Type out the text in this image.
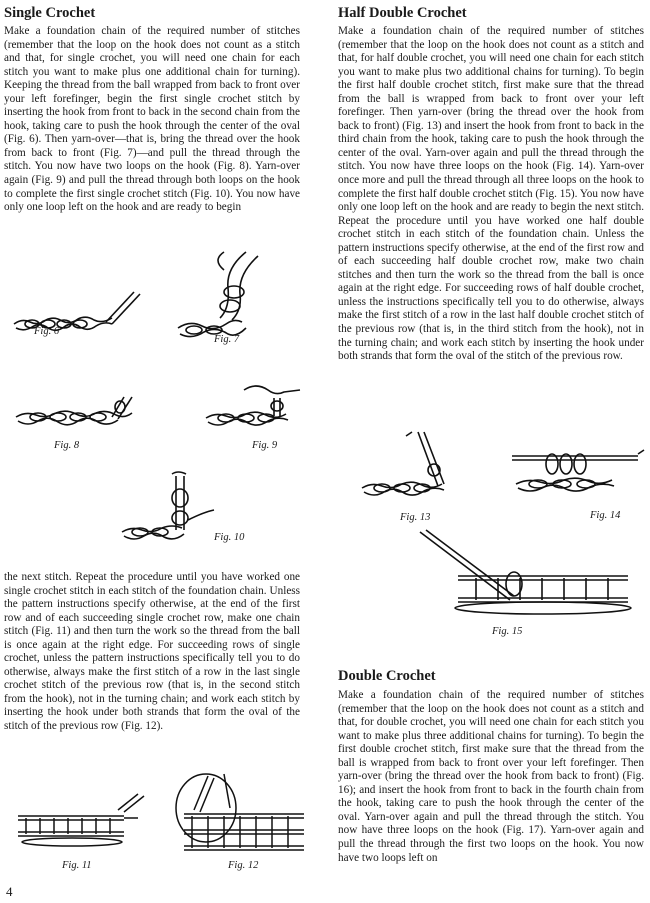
Single Crochet

Make a foundation chain of the required number of stitches (remember that the loop on the hook does not count as a stitch and that, for single crochet, you will need one chain for each stitch you want to make plus one additional chain for turning). Keeping the thread from the ball wrapped from back to front over your left forefinger, begin the first single crochet stitch by inserting the hook from front to back in the second chain from the hook, taking care to push the hook through the center of the oval (Fig. 6). Then yarn-over—that is, bring the thread over the hook from back to front (Fig. 7)—and pull the thread through the stitch. You now have two loops on the hook (Fig. 8). Yarn-over again (Fig. 9) and pull the thread through both loops on the hook to complete the first single crochet stitch (Fig. 10). You now have only one loop left on the hook and are ready to begin

Fig. 6
Fig. 7
Fig. 8	Fig. 9
Fig. 10

the next stitch. Repeat the procedure until you have worked one single crochet stitch in each stitch of the foundation chain. Unless the pattern instructions specify otherwise, at the end of the first row and of each succeeding single crochet row, make one chain stitch (Fig. 11) and then turn the work so the thread from the ball is once again at the right edge. For succeeding rows of single crochet, unless the pattern instructions specifically tell you to do otherwise, always make the first stitch of a row in the last single crochet stitch of the previous row (that is, in the second stitch from the hook), not in the turning chain; and work each stitch by inserting the hook under both strands that form the oval of the stitch of the previous row (Fig. 12).

Fig. 11	Fig. 12
Half Double Crochet

Make a foundation chain of the required number of stitches (remember that the loop on the hook does not count as a stitch and that, for half double crochet, you will need one chain for each stitch you want to make plus two additional chains for turning). To begin the first half double crochet stitch, first make sure that the thread from the ball is wrapped from back to front over your left forefinger. Then yarn-over (bring the thread over the hook from back to front) (Fig. 13) and insert the hook from front to back in the third chain from the hook, taking care to push the hook through the center of the oval. Yarn-over again and pull the thread through the stitch. You now have three loops on the hook (Fig. 14). Yarn-over once more and pull the thread through all three loops on the hook to complete the first half double crochet stitch (Fig. 15). You now have only one loop left on the hook and are ready to begin the next stitch. Repeat the procedure until you have worked one half double crochet stitch in each stitch of the foundation chain. Unless the pattern instructions specify otherwise, at the end of the first row and of each succeeding half double crochet row, make two chain stitches and then turn the work so the thread from the ball is once again at the right edge. For succeeding rows of half double crochet, unless the instructions specifically tell you to do otherwise, always make the first stitch of a row in the last half double crochet stitch of the previous row (that is, in the third stitch from the hook), not in the turning chain; and work each stitch by inserting the hook under both strands that form the oval of the stitch of the previous row.

Fig. 13	Fig. 14
Fig. 15
Double Crochet

Make a foundation chain of the required number of stitches (remember that the loop on the hook does not count as a stitch and that, for double crochet, you will need one chain for each stitch you want to make plus three additional chains for turning). To begin the first double crochet stitch, first make sure that the thread from the ball is wrapped from back to front over your left forefinger. Then yarn-over (bring the thread over the hook from back to front) (Fig. 16); and insert the hook from front to back in the fourth chain from the hook, taking care to push the hook through the center of the oval. Yarn-over again and pull the thread through the stitch. You now have three loops on the hook (Fig. 17). Yarn-over again and pull the thread through the first two loops on the hook. You now have two loops left on

4
